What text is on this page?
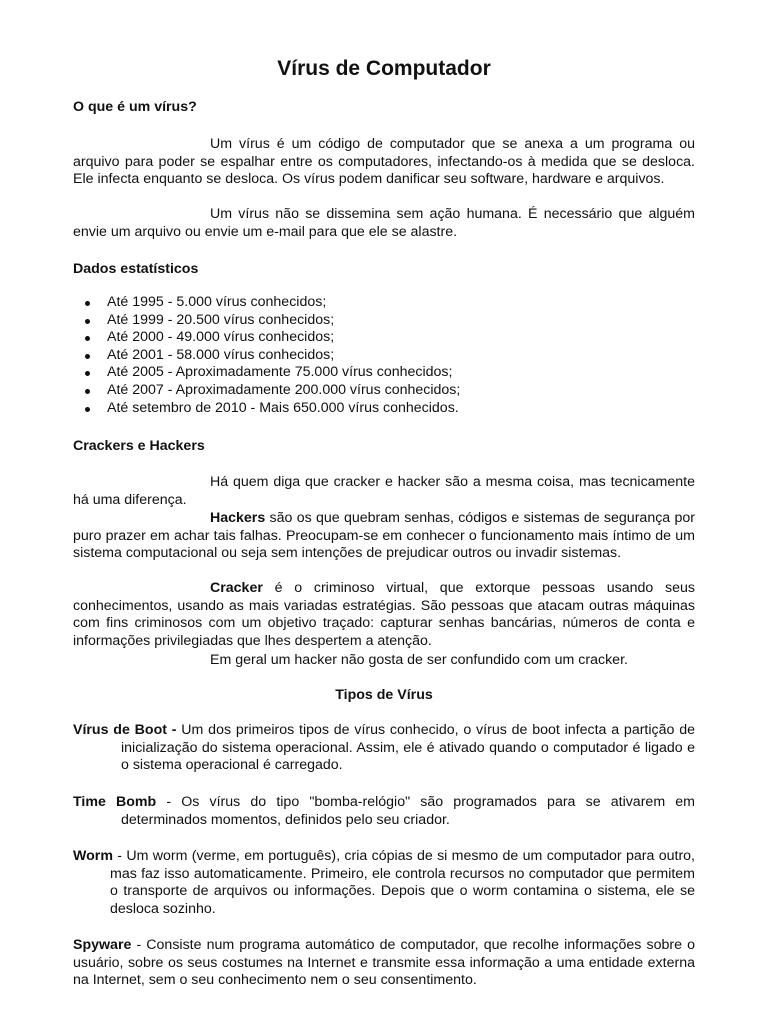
Vírus de Computador
O que é um vírus?
Um vírus é um código de computador que se anexa a um programa ou arquivo para poder se espalhar entre os computadores, infectando-os à medida que se desloca. Ele infecta enquanto se desloca. Os vírus podem danificar seu software, hardware e arquivos.
Um vírus não se dissemina sem ação humana. É necessário que alguém envie um arquivo ou envie um e-mail para que ele se alastre.
Dados estatísticos
Até 1995 - 5.000 vírus conhecidos;
Até 1999 - 20.500 vírus conhecidos;
Até 2000 - 49.000 vírus conhecidos;
Até 2001 - 58.000 vírus conhecidos;
Até 2005 - Aproximadamente 75.000 vírus conhecidos;
Até 2007 - Aproximadamente 200.000 vírus conhecidos;
Até setembro de 2010 - Mais 650.000 vírus conhecidos.
Crackers e Hackers
Há quem diga que cracker e hacker são a mesma coisa, mas tecnicamente há uma diferença.
Hackers são os que quebram senhas, códigos e sistemas de segurança por puro prazer em achar tais falhas. Preocupam-se em conhecer o funcionamento mais íntimo de um sistema computacional ou seja sem intenções de prejudicar outros ou invadir sistemas.
Cracker é o criminoso virtual, que extorque pessoas usando seus conhecimentos, usando as mais variadas estratégias. São pessoas que atacam outras máquinas com fins criminosos com um objetivo traçado: capturar senhas bancárias, números de conta e informações privilegiadas que lhes despertem a atenção.
Em geral um hacker não gosta de ser confundido com um cracker.
Tipos de Vírus
Vírus de Boot - Um dos primeiros tipos de vírus conhecido, o vírus de boot infecta a partição de inicialização do sistema operacional. Assim, ele é ativado quando o computador é ligado e o sistema operacional é carregado.
Time Bomb - Os vírus do tipo "bomba-relógio" são programados para se ativarem em determinados momentos, definidos pelo seu criador.
Worm - Um worm (verme, em português), cria cópias de si mesmo de um computador para outro, mas faz isso automaticamente. Primeiro, ele controla recursos no computador que permitem o transporte de arquivos ou informações. Depois que o worm contamina o sistema, ele se desloca sozinho.
Spyware - Consiste num programa automático de computador, que recolhe informações sobre o usuário, sobre os seus costumes na Internet e transmite essa informação a uma entidade externa na Internet, sem o seu conhecimento nem o seu consentimento.
